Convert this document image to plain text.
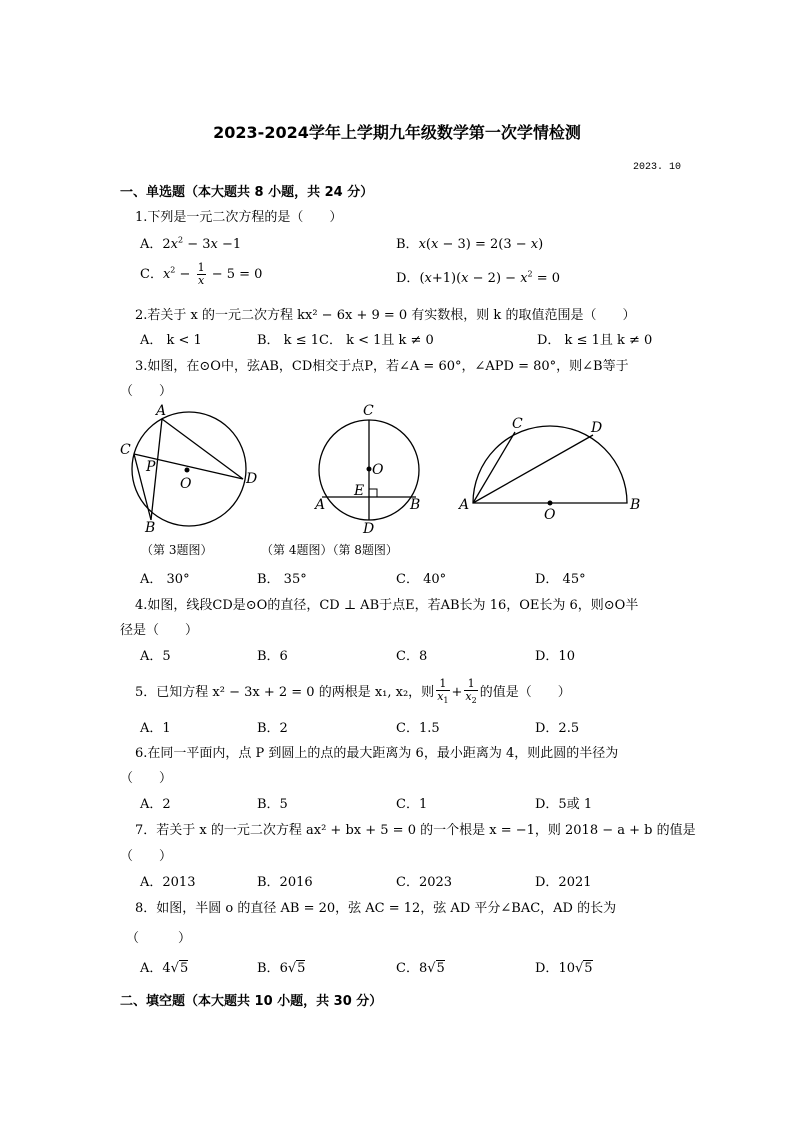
2023-2024学年上学期九年级数学第一次学情检测
2023. 10
一、单选题（本大题共 8 小题，共 24 分）
1.下列是一元二次方程的是（　　）
A．$2x^2 - 3x -1$	B．x(x − 3) = 2(3 − x)
C．$x^2 - \frac{1}{x} - 5 = 0$	D．$(x+1)(x - 2) - x^2 = 0$
2.若关于 x 的一元二次方程 kx² − 6x + 9 = 0 有实数根，则 k 的取值范围是（　　）
A． k < 1	B． k ≤ 1C． k < 1且 k ≠ 0	D． k ≤ 1且 k ≠ 0
3.如图，在⊙O中，弦AB，CD相交于点P，若∠A = 60°，∠APD = 80°，则∠B等于
（　　）
A
C
P
O	D
B
C
O
E
A	B
D
C	D
A
O
B
（第 3题图）	（第 4题图）（第 8题图）
A． 30°	B． 35°	C． 40°	D． 45°
4.如图，线段CD是⊙O的直径，CD ⊥ AB于点E，若AB长为 16，OE长为 6，则⊙O半
径是（　　）
A．5	B．6	C．8	D．10
5．已知方程 x² − 3x + 2 = 0 的两根是 x₁, x₂，则 $\frac{1}{x_1} + \frac{1}{x_2}$ 的值是（　　）
A．1	B．2	C．1.5	D．2.5
6.在同一平面内，点 P 到圆上的点的最大距离为 6，最小距离为 4，则此圆的半径为
（　　）
A．2	B．5	C．1	D．5或 1
7．若关于 x 的一元二次方程 ax² + bx + 5 = 0 的一个根是 x = −1，则 2018 − a + b 的值是
（　　）
A．2013	B．2016	C．2023	D．2021
8．如图，半圆 o 的直径 AB = 20，弦 AC = 12，弦 AD 平分∠BAC，AD 的长为
（　　　）
A．4√5	B．6√5	C．8√5	D．10√5
二、填空题（本大题共 10 小题，共 30 分）
